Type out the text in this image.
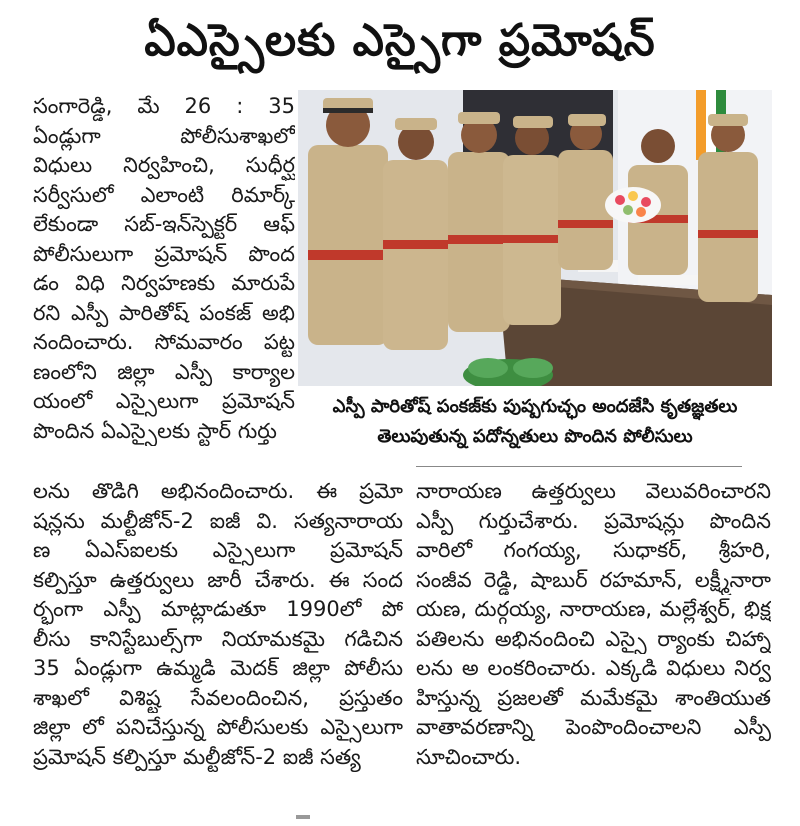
ఏఎస్సైలకు ఎస్సైగా ప్రమోషన్
సంగారెడ్డి, మే 26 : 35
ఏండ్లుగా పోలీసుశాఖలో
విధులు నిర్వహించి, సుధీర్ఘ
సర్వీసులో ఎలాంటి రిమార్క్
లేకుండా సబ్-ఇన్‌స్పెక్టర్ ఆఫ్
పోలీసులుగా ప్రమోషన్ పొంద
డం విధి నిర్వహణకు మారుపే
రని ఎస్పీ పారితోష్ పంకజ్ అభి
నందించారు. సోమవారం పట్ట
ణంలోని జిల్లా ఎస్పీ కార్యాల
యంలో ఎస్సైలుగా ప్రమోషన్
పొందిన ఏఎస్సైలకు స్టార్ గుర్తు
ఎస్పీ పారితోష్ పంకజ్‌కు పుష్పగుచ్ఛం అందజేసి కృతజ్ఞతలు
తెలుపుతున్న పదోన్నతులు పొందిన పోలీసులు
లను తొడిగి అభినందించారు. ఈ ప్రమో
షన్లను మల్టీజోన్-2 ఐజీ వి. సత్యనారాయ
ణ ఏఎస్ఐలకు ఎస్సైలుగా ప్రమోషన్
కల్పిస్తూ ఉత్తర్వులు జారీ చేశారు. ఈ సంద
ర్భంగా ఎస్పీ మాట్లాడుతూ 1990లో పో
లీసు కానిస్టేబుల్స్‌గా నియామకమై గడిచిన
35 ఏండ్లుగా ఉమ్మడి మెదక్ జిల్లా పోలీసు
శాఖలో విశిష్ట సేవలందించిన, ప్రస్తుతం
జిల్లా లో పనిచేస్తున్న పోలీసులకు ఎస్సైలుగా
ప్రమోషన్ కల్పిస్తూ మల్టీజోన్-2 ఐజీ సత్య
నారాయణ ఉత్తర్వులు వెలువరించారని
ఎస్పీ గుర్తుచేశారు. ప్రమోషన్లు పొందిన
వారిలో గంగయ్య, సుధాకర్, శ్రీహరి,
సంజీవ రెడ్డి, షాబుర్ రహమాన్, లక్ష్మీనారా
యణ, దుర్గయ్య, నారాయణ, మల్లేశ్వర్, భిక్ష
పతిలను అభినందించి ఎస్సై ర్యాంకు చిహ్నా
లను అ లంకరించారు. ఎక్కడి విధులు నిర్వ
హిస్తున్న ప్రజలతో మమేకమై శాంతియుత
వాతావరణాన్ని పెంపొందించాలని ఎస్పీ
సూచించారు.
